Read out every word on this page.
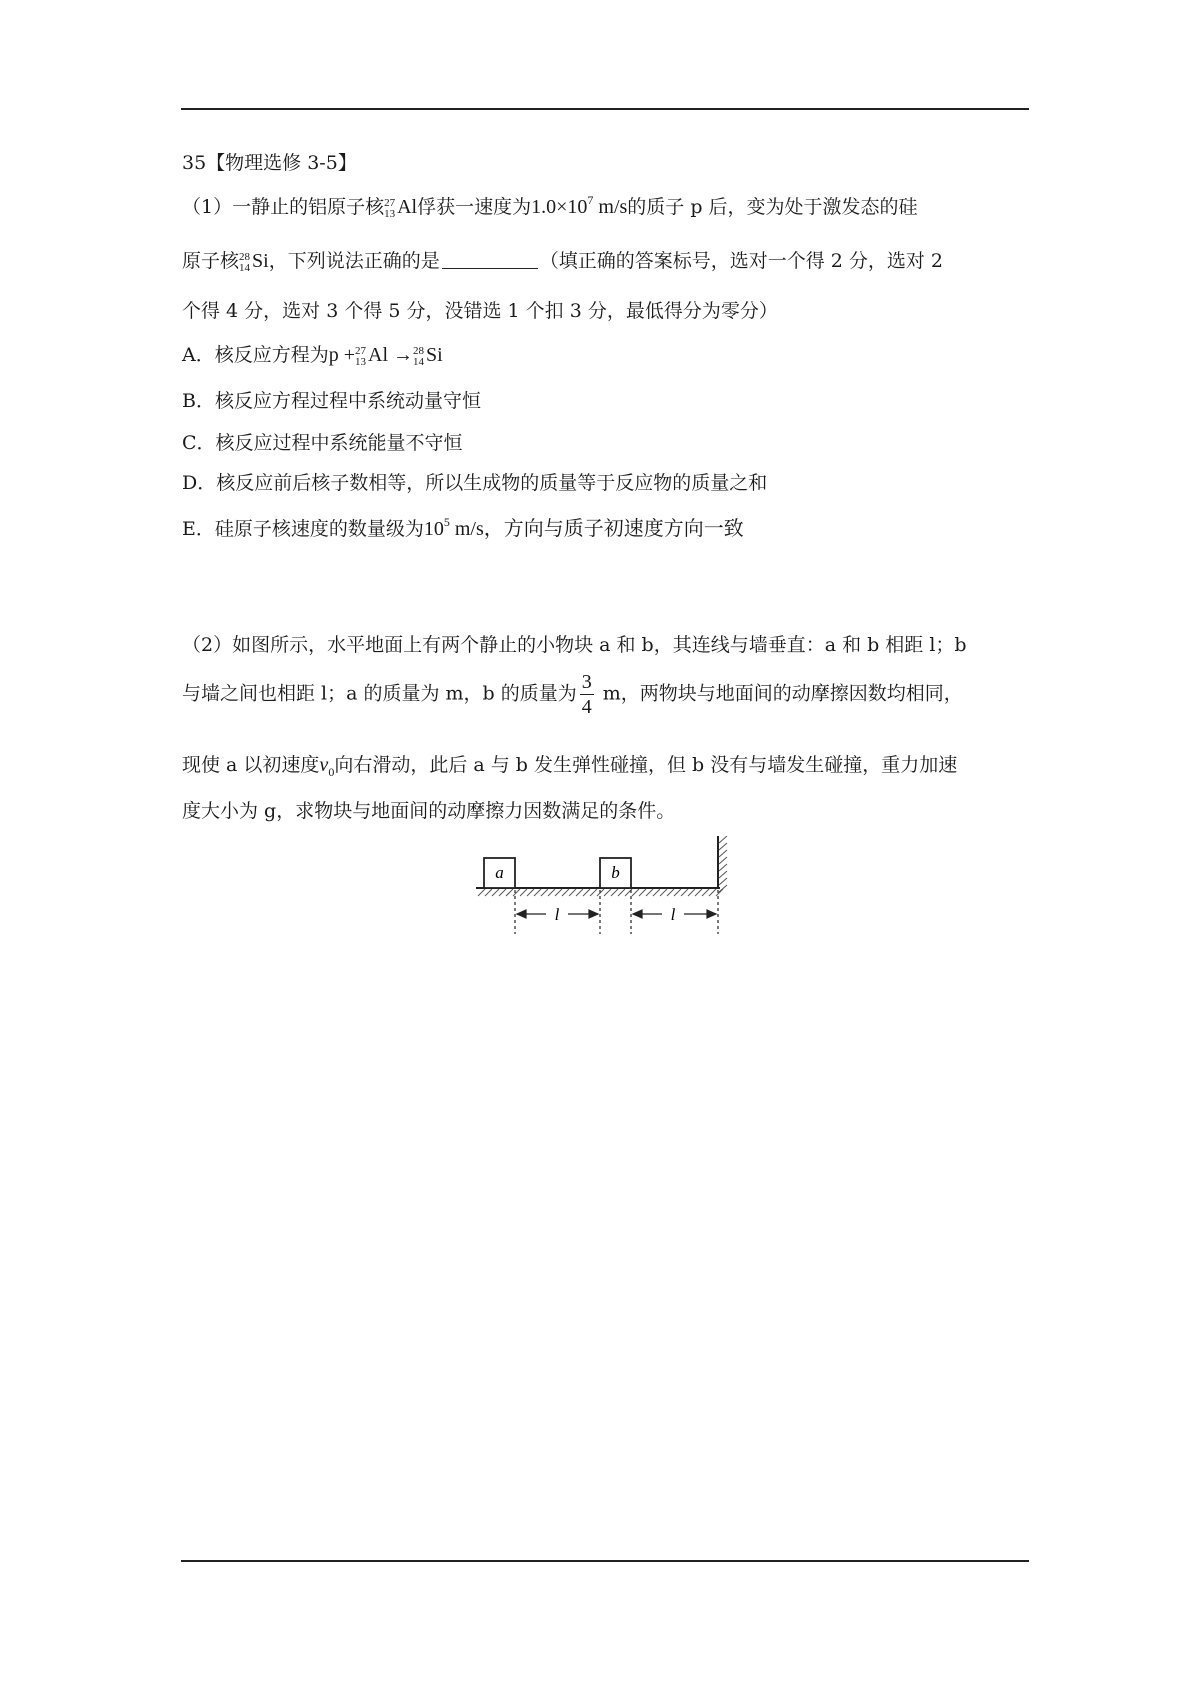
35【物理选修 3-5】
（1）一静止的铝原子核 27
13 Al俘获一速度为$1.0\times 10^7$ m/s的质子 p 后，变为处于激发态的硅
原子核 28
14 Si，下列说法正确的是	（填正确的答案标号，选对一个得 2 分，选对 2
个得 4 分，选对 3 个得 5 分，没错选 1 个扣 3 分，最低得分为零分）
A．核反应方程为p + 27
13 Al → 28
14 Si
B．核反应方程过程中系统动量守恒
C．核反应过程中系统能量不守恒
D．核反应前后核子数相等，所以生成物的质量等于反应物的质量之和
E．硅原子核速度的数量级为$10^5$ m/s，方向与质子初速度方向一致
（2）如图所示，水平地面上有两个静止的小物块 a 和 b，其连线与墙垂直：a 和 b 相距 l；b
与墙之间也相距 l；a 的质量为 m，b 的质量为 $\frac{3}{4}$ m，两物块与地面间的动摩擦因数均相同，
现使 a 以初速度$v_0$向右滑动，此后 a 与 b 发生弹性碰撞，但 b 没有与墙发生碰撞，重力加速
度大小为 g，求物块与地面间的动摩擦力因数满足的条件。
a	b
l	l
